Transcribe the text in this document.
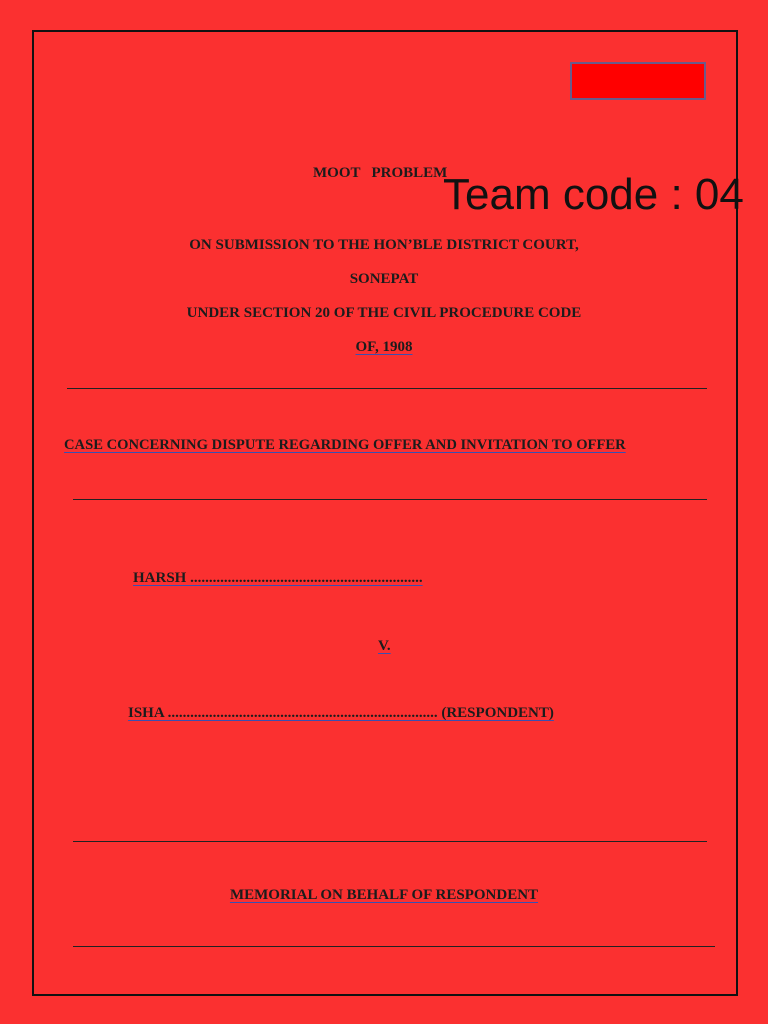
MOOT   PROBLEM
Team code : 04
ON SUBMISSION TO THE HON’BLE DISTRICT COURT,
SONEPAT
UNDER SECTION 20 OF THE CIVIL PROCEDURE CODE
OF, 1908
CASE CONCERNING DISPUTE REGARDING OFFER AND INVITATION TO OFFER
HARSH ..............................................................
V.
ISHA ........................................................................ (RESPONDENT)
MEMORIAL ON BEHALF OF RESPONDENT
